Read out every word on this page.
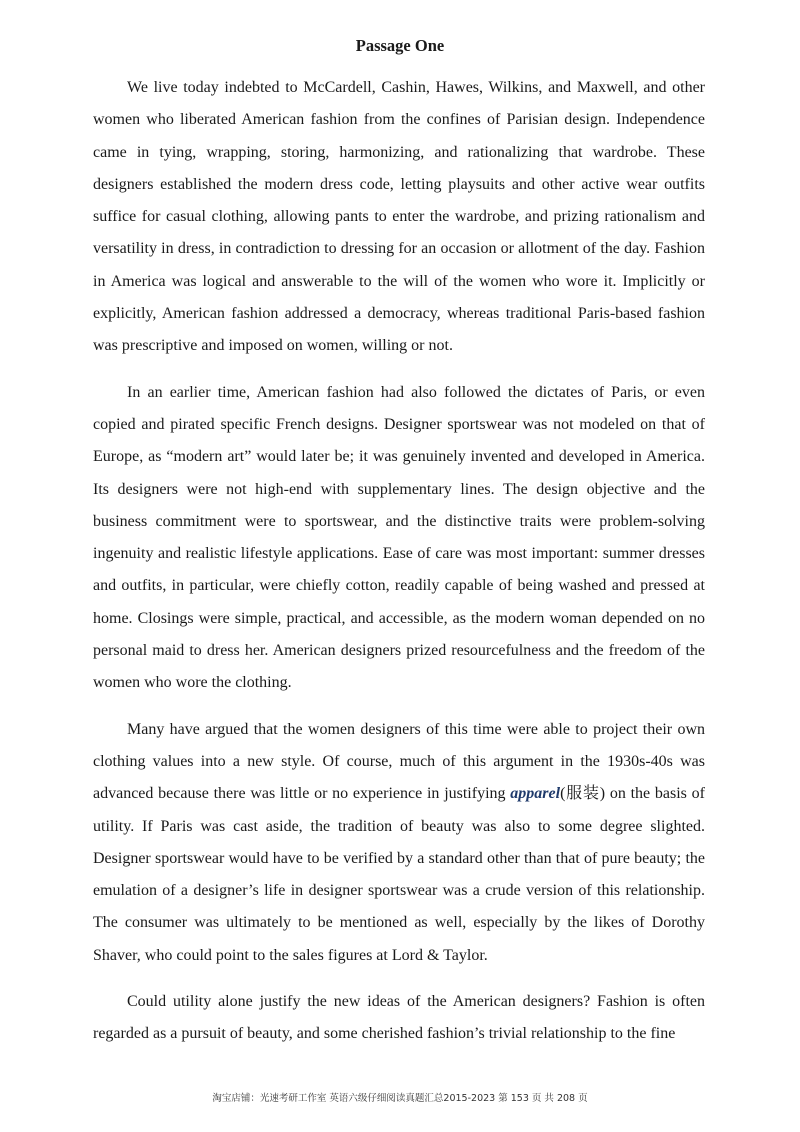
Passage One

We live today indebted to McCardell, Cashin, Hawes, Wilkins, and Maxwell, and other women who liberated American fashion from the confines of Parisian design. Independence came in tying, wrapping, storing, harmonizing, and rationalizing that wardrobe. These designers established the modern dress code, letting playsuits and other active wear outfits suffice for casual clothing, allowing pants to enter the wardrobe, and prizing rationalism and versatility in dress, in contradiction to dressing for an occasion or allotment of the day. Fashion in America was logical and answerable to the will of the women who wore it. Implicitly or explicitly, American fashion addressed a democracy, whereas traditional Paris-based fashion was prescriptive and imposed on women, willing or not.

In an earlier time, American fashion had also followed the dictates of Paris, or even copied and pirated specific French designs. Designer sportswear was not modeled on that of Europe, as “modern art” would later be; it was genuinely invented and developed in America. Its designers were not high-end with supplementary lines. The design objective and the business commitment were to sportswear, and the distinctive traits were problem-solving ingenuity and realistic lifestyle applications. Ease of care was most important: summer dresses and outfits, in particular, were chiefly cotton, readily capable of being washed and pressed at home. Closings were simple, practical, and accessible, as the modern woman depended on no personal maid to dress her. American designers prized resourcefulness and the freedom of the women who wore the clothing.

Many have argued that the women designers of this time were able to project their own clothing values into a new style. Of course, much of this argument in the 1930s-40s was advanced because there was little or no experience in justifying apparel(服装) on the basis of utility. If Paris was cast aside, the tradition of beauty was also to some degree slighted. Designer sportswear would have to be verified by a standard other than that of pure beauty; the emulation of a designer’s life in designer sportswear was a crude version of this relationship. The consumer was ultimately to be mentioned as well, especially by the likes of Dorothy Shaver, who could point to the sales figures at Lord & Taylor.

Could utility alone justify the new ideas of the American designers? Fashion is often regarded as a pursuit of beauty, and some cherished fashion’s trivial relationship to the fine

淘宝店铺：光速考研工作室 英语六级仔细阅读真题汇总2015-2023 第 153 页 共 208 页
